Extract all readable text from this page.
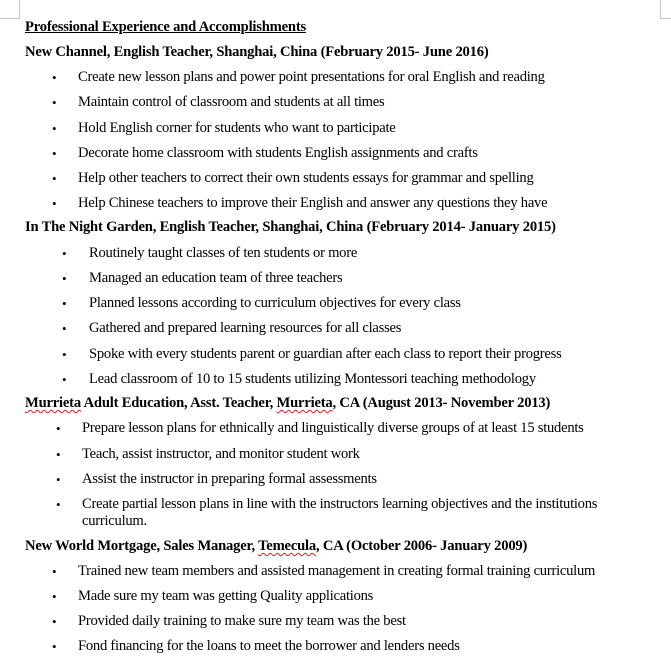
Professional Experience and Accomplishments
New Channel, English Teacher, Shanghai, China (February 2015- June 2016)
• Create new lesson plans and power point presentations for oral English and reading
• Maintain control of classroom and students at all times
• Hold English corner for students who want to participate
• Decorate home classroom with students English assignments and crafts
• Help other teachers to correct their own students essays for grammar and spelling
• Help Chinese teachers to improve their English and answer any questions they have
In The Night Garden, English Teacher, Shanghai, China (February 2014- January 2015)
• Routinely taught classes of ten students or more
• Managed an education team of three teachers
• Planned lessons according to curriculum objectives for every class
• Gathered and prepared learning resources for all classes
• Spoke with every students parent or guardian after each class to report their progress
• Lead classroom of 10 to 15 students utilizing Montessori teaching methodology
Murrieta Adult Education, Asst. Teacher, Murrieta, CA (August 2013- November 2013)
• Prepare lesson plans for ethnically and linguistically diverse groups of at least 15 students
• Teach, assist instructor, and monitor student work
• Assist the instructor in preparing formal assessments
• Create partial lesson plans in line with the instructors learning objectives and the institutions
curriculum.
New World Mortgage, Sales Manager, Temecula, CA (October 2006- January 2009)
• Trained new team members and assisted management in creating formal training curriculum
• Made sure my team was getting Quality applications
• Provided daily training to make sure my team was the best
• Fond financing for the loans to meet the borrower and lenders needs
